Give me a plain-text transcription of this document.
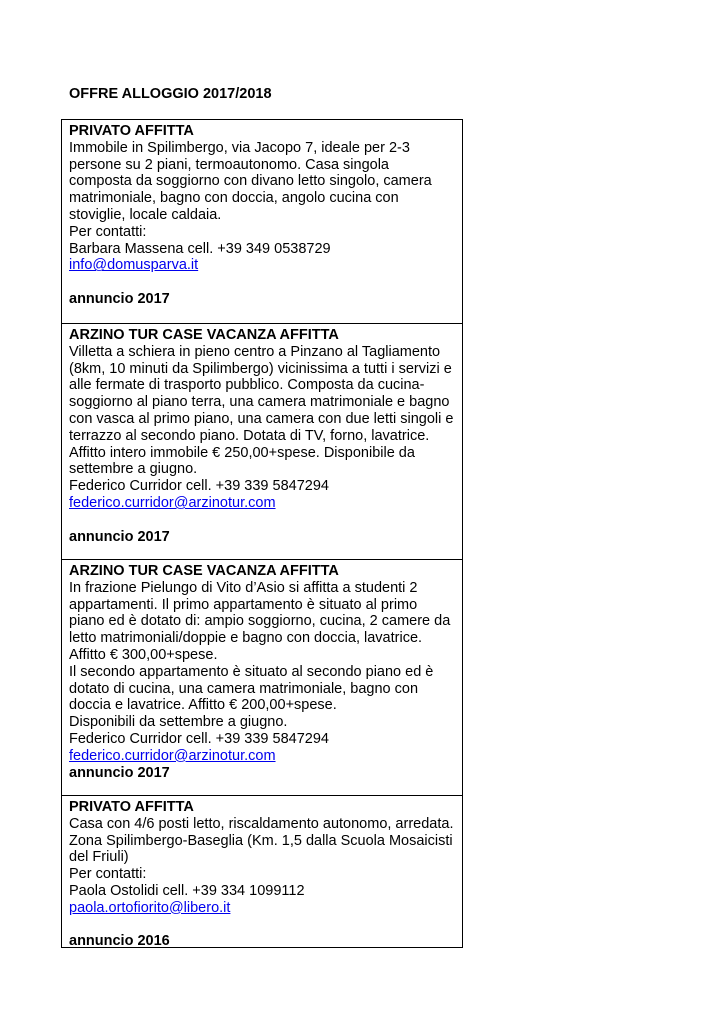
OFFRE ALLOGGIO 2017/2018

PRIVATO AFFITTA

Immobile in Spilimbergo, via Jacopo 7, ideale per 2-3

persone su 2 piani, termoautonomo. Casa singola

composta da soggiorno con divano letto singolo, camera

matrimoniale, bagno con doccia, angolo cucina con

stoviglie, locale caldaia.

Per contatti:

Barbara Massena cell. +39 349 0538729

info@domusparva.it

annuncio 2017

ARZINO TUR CASE VACANZA AFFITTA

Villetta a schiera in pieno centro a Pinzano al Tagliamento

(8km, 10 minuti da Spilimbergo) vicinissima a tutti i servizi e

alle fermate di trasporto pubblico. Composta da cucina-

soggiorno al piano terra, una camera matrimoniale e bagno

con vasca al primo piano, una camera con due letti singoli e

terrazzo al secondo piano. Dotata di TV, forno, lavatrice.

Affitto intero immobile € 250,00+spese. Disponibile da

settembre a giugno.

Federico Curridor cell. +39 339 5847294

federico.curridor@arzinotur.com

annuncio 2017

ARZINO TUR CASE VACANZA AFFITTA

In frazione Pielungo di Vito d’Asio si affitta a studenti 2

appartamenti. Il primo appartamento è situato al primo

piano ed è dotato di: ampio soggiorno, cucina, 2 camere da

letto matrimoniali/doppie e bagno con doccia, lavatrice.

Affitto € 300,00+spese.

Il secondo appartamento è situato al secondo piano ed è

dotato di cucina, una camera matrimoniale, bagno con

doccia e lavatrice. Affitto € 200,00+spese.

Disponibili da settembre a giugno.

Federico Curridor cell. +39 339 5847294

federico.curridor@arzinotur.com

annuncio 2017

PRIVATO AFFITTA

Casa con 4/6 posti letto, riscaldamento autonomo, arredata.

Zona Spilimbergo-Baseglia (Km. 1,5 dalla Scuola Mosaicisti

del Friuli)

Per contatti:

Paola Ostolidi cell. +39 334 1099112

paola.ortofiorito@libero.it

annuncio 2016
